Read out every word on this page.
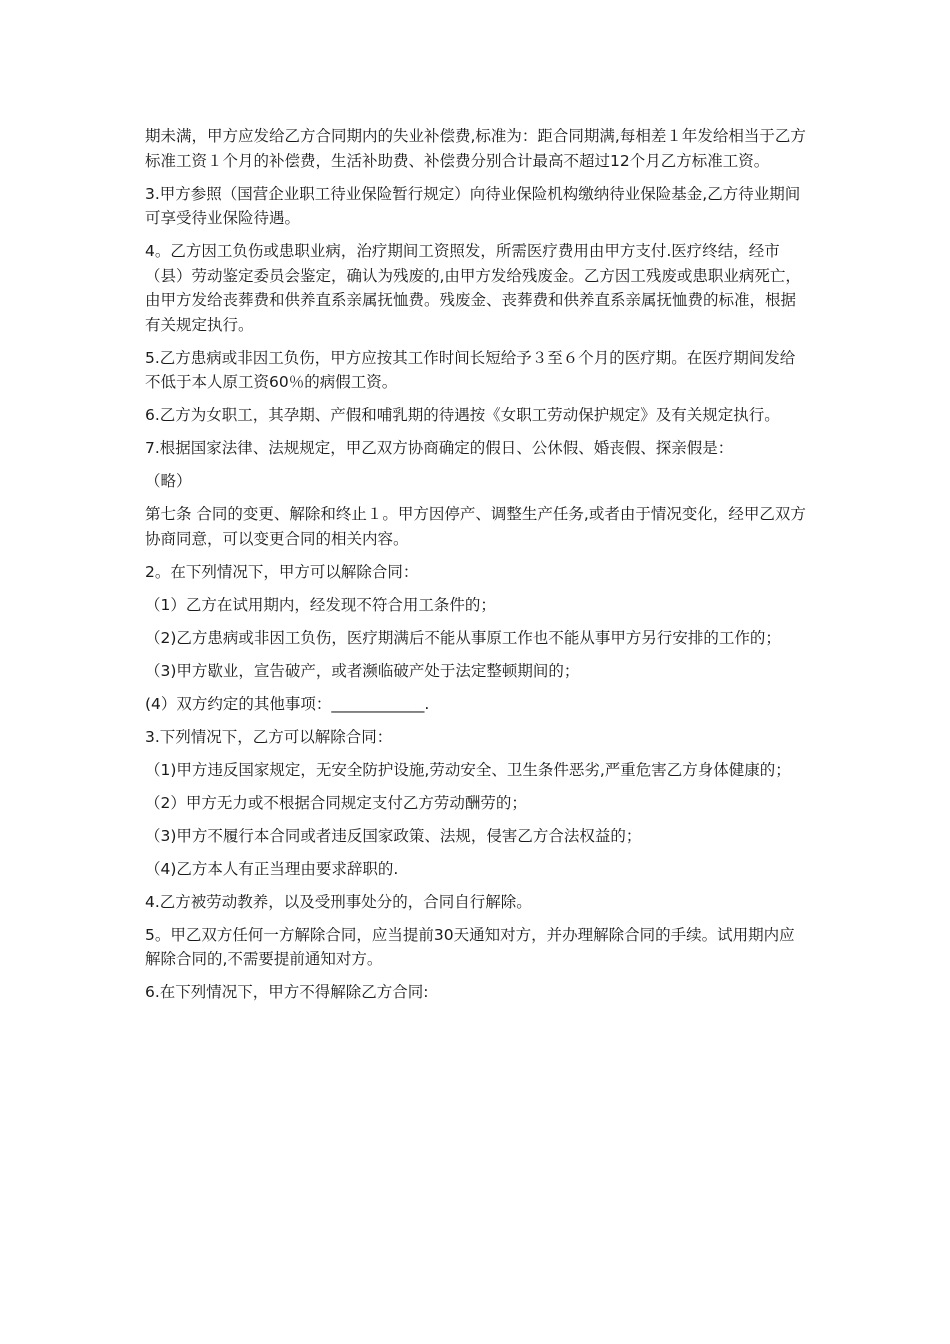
期未满，甲方应发给乙方合同期内的失业补偿费,标准为：距合同期满,每相差１年发给相当于乙方标准工资１个月的补偿费，生活补助费、补偿费分别合计最高不超过12个月乙方标准工资。

3.甲方参照（国营企业职工待业保险暂行规定）向待业保险机构缴纳待业保险基金,乙方待业期间可享受待业保险待遇。

4。乙方因工负伤或患职业病，治疗期间工资照发，所需医疗费用由甲方支付.医疗终结，经市（县）劳动鉴定委员会鉴定，确认为残废的,由甲方发给残废金。乙方因工残废或患职业病死亡，由甲方发给丧葬费和供养直系亲属抚恤费。残废金、丧葬费和供养直系亲属抚恤费的标准，根据有关规定执行。

5.乙方患病或非因工负伤，甲方应按其工作时间长短给予３至６个月的医疗期。在医疗期间发给不低于本人原工资60％的病假工资。

6.乙方为女职工，其孕期、产假和哺乳期的待遇按《女职工劳动保护规定》及有关规定执行。

7.根据国家法律、法规规定，甲乙双方协商确定的假日、公休假、婚丧假、探亲假是：

（略）

第七条 合同的变更、解除和终止１。甲方因停产、调整生产任务,或者由于情况变化，经甲乙双方协商同意，可以变更合同的相关内容。

2。在下列情况下，甲方可以解除合同：

（1）乙方在试用期内，经发现不符合用工条件的；

（2)乙方患病或非因工负伤，医疗期满后不能从事原工作也不能从事甲方另行安排的工作的；

（3)甲方歇业，宣告破产，或者濒临破产处于法定整顿期间的；

(4）双方约定的其他事项：____________.

3.下列情况下，乙方可以解除合同：

（1)甲方违反国家规定，无安全防护设施,劳动安全、卫生条件恶劣,严重危害乙方身体健康的；

（2）甲方无力或不根据合同规定支付乙方劳动酬劳的；

（3)甲方不履行本合同或者违反国家政策、法规，侵害乙方合法权益的；

（4)乙方本人有正当理由要求辞职的.

4.乙方被劳动教养，以及受刑事处分的，合同自行解除。

5。甲乙双方任何一方解除合同，应当提前30天通知对方，并办理解除合同的手续。试用期内应解除合同的,不需要提前通知对方。

6.在下列情况下，甲方不得解除乙方合同:
